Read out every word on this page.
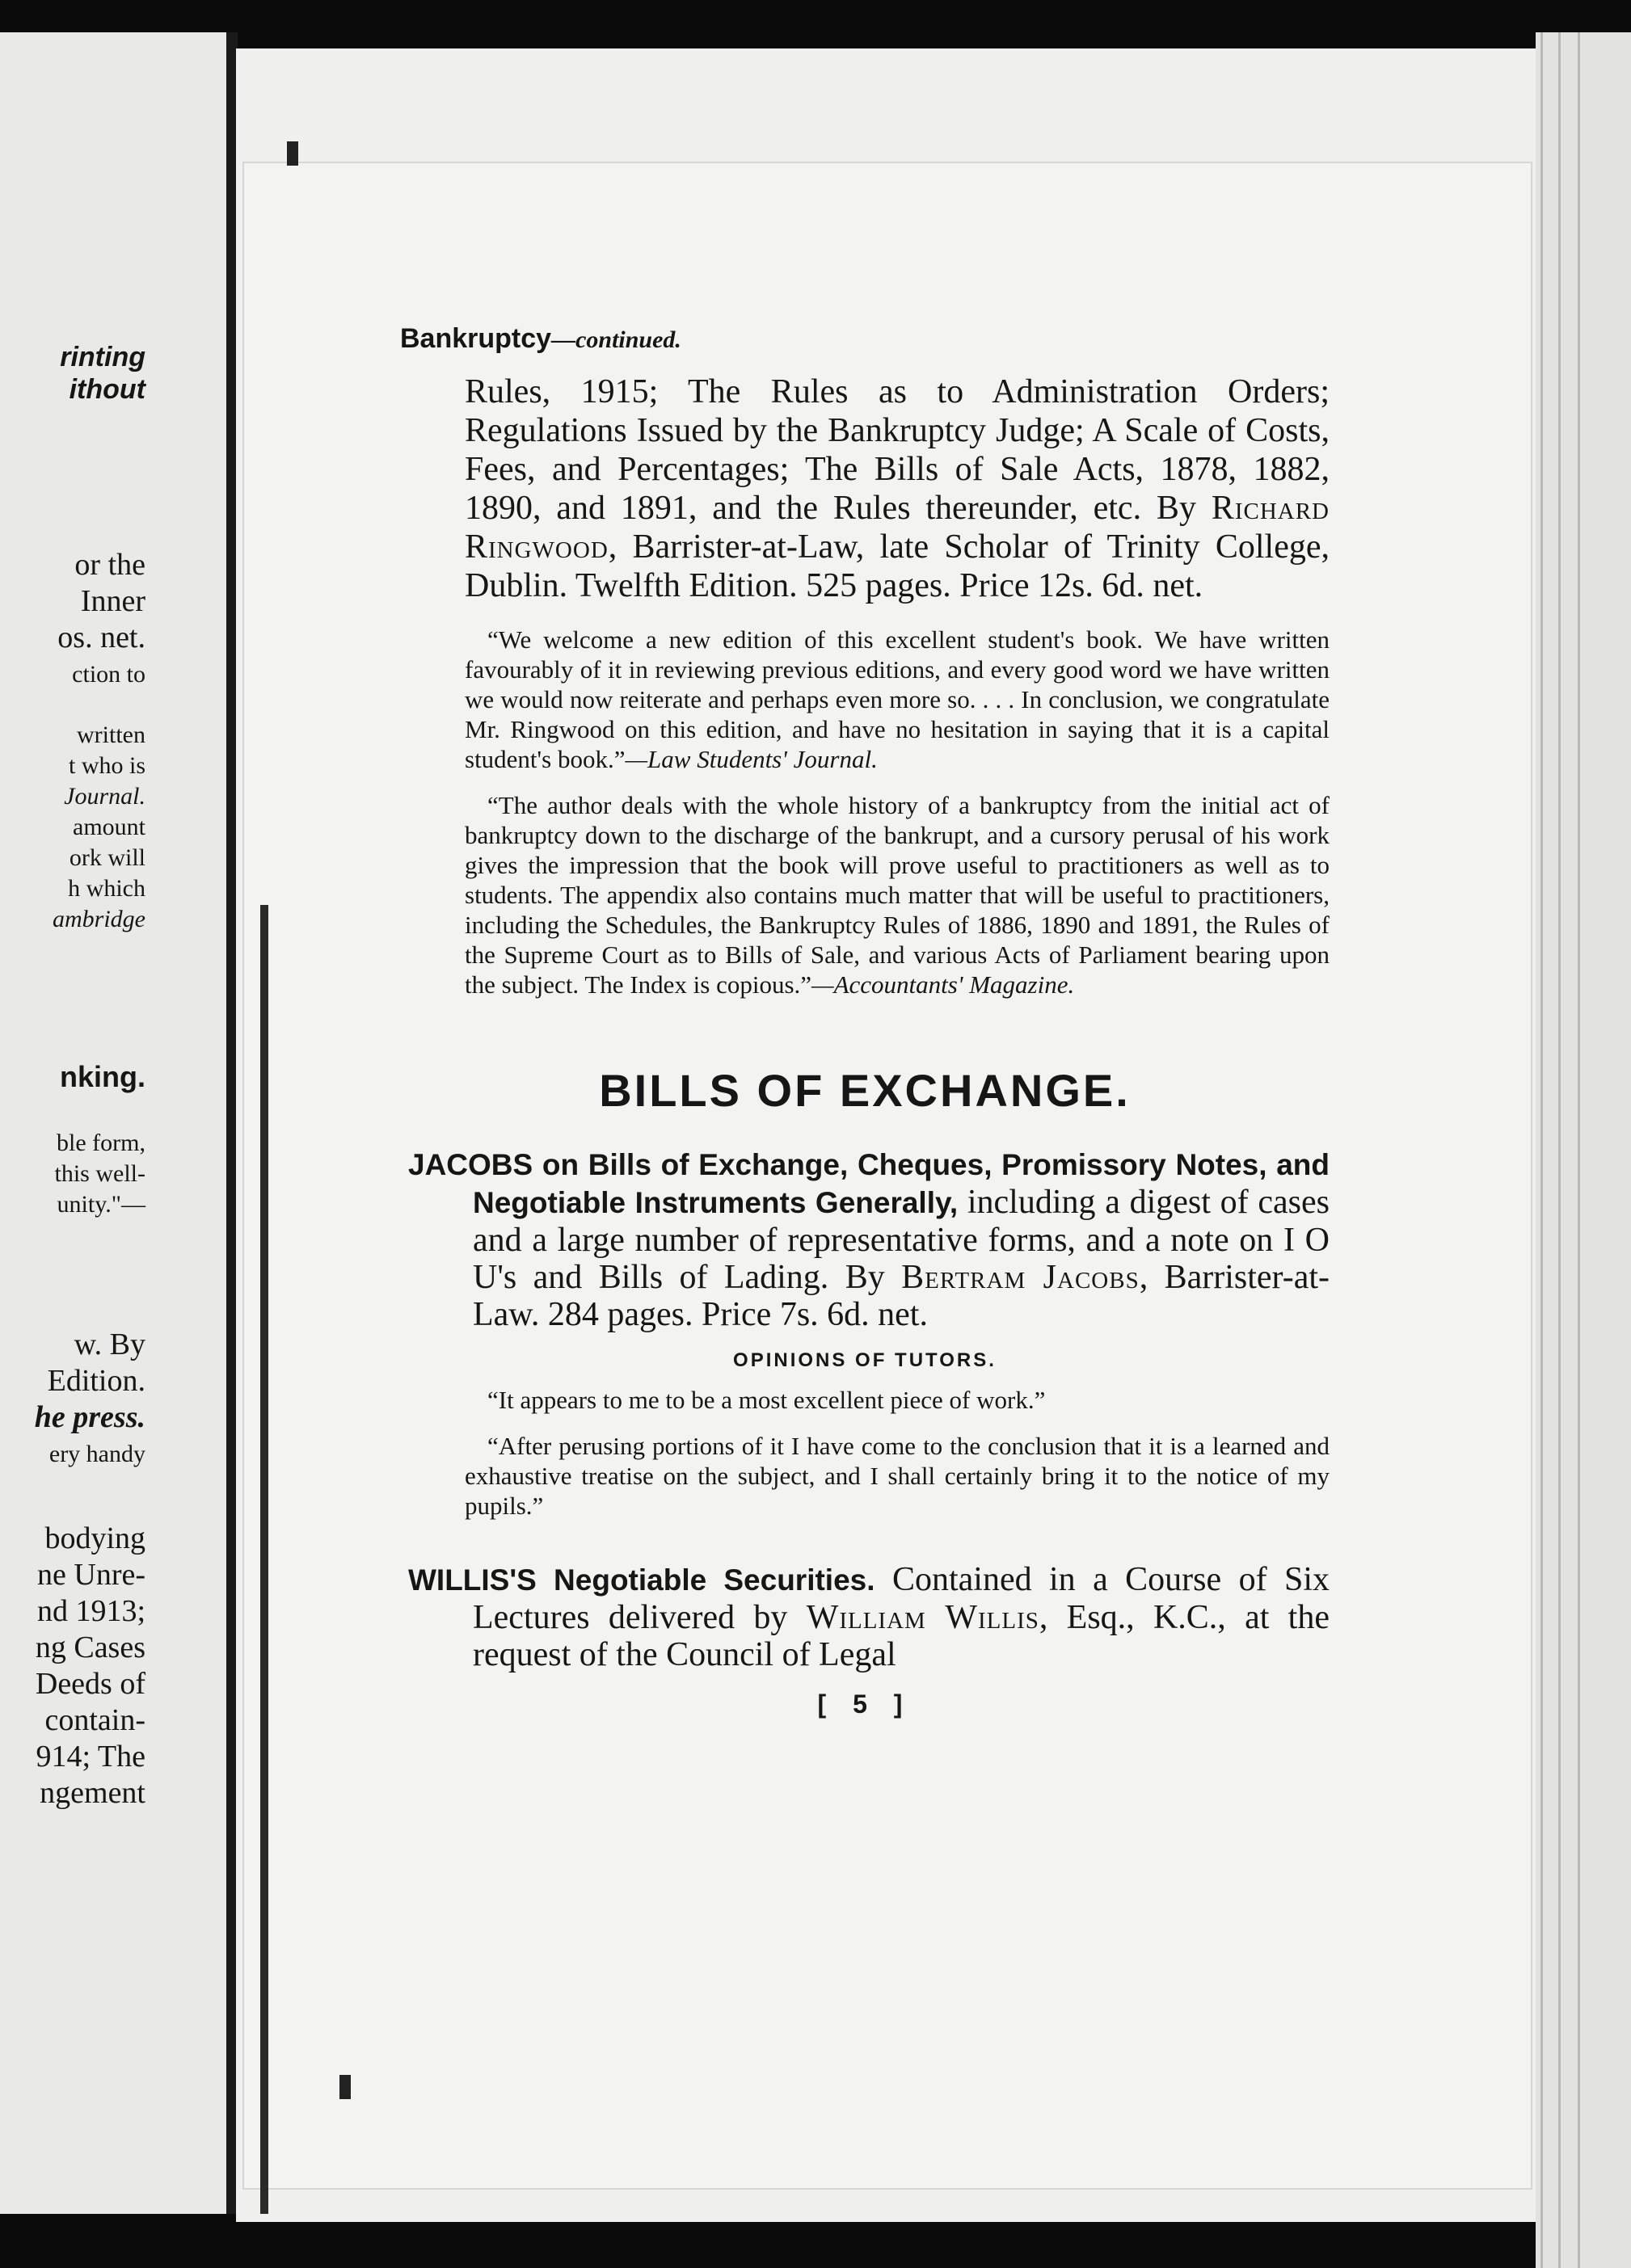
rinting
ithout
or the
Inner
os. net.
ction to
written
t who is
Journal.
amount
ork will
h which
ambridge
nking.
ble form,
this well-
unity."—
w. By
Edition.
he press.
ery handy
bodying
ne Unre-
nd 1913;
ng Cases
Deeds of
contain-
914; The
ngement
Bankruptcy—continued.

Rules, 1915; The Rules as to Administration Orders; Regulations Issued by the Bankruptcy Judge; A Scale of Costs, Fees, and Percentages; The Bills of Sale Acts, 1878, 1882, 1890, and 1891, and the Rules thereunder, etc. By Richard Ringwood, Barrister-at-Law, late Scholar of Trinity College, Dublin. Twelfth Edition. 525 pages. Price 12s. 6d. net.

“We welcome a new edition of this excellent student's book. We have written favourably of it in reviewing previous editions, and every good word we have written we would now reiterate and perhaps even more so. . . . In conclusion, we congratulate Mr. Ringwood on this edition, and have no hesitation in saying that it is a capital student's book.”—Law Students' Journal.

“The author deals with the whole history of a bankruptcy from the initial act of bankruptcy down to the discharge of the bankrupt, and a cursory perusal of his work gives the impression that the book will prove useful to practitioners as well as to students. The appendix also contains much matter that will be useful to practitioners, including the Schedules, the Bankruptcy Rules of 1886, 1890 and 1891, the Rules of the Supreme Court as to Bills of Sale, and various Acts of Parliament bearing upon the subject. The Index is copious.”—Accountants' Magazine.

BILLS OF EXCHANGE.

JACOBS on Bills of Exchange, Cheques, Promissory Notes, and Negotiable Instruments Generally, including a digest of cases and a large number of representative forms, and a note on I O U's and Bills of Lading. By Bertram Jacobs, Barrister-at-Law. 284 pages. Price 7s. 6d. net.

OPINIONS OF TUTORS.

“It appears to me to be a most excellent piece of work.”

“After perusing portions of it I have come to the conclusion that it is a learned and exhaustive treatise on the subject, and I shall certainly bring it to the notice of my pupils.”

WILLIS'S Negotiable Securities. Contained in a Course of Six Lectures delivered by William Willis, Esq., K.C., at the request of the Council of Legal

[ 5 ]
